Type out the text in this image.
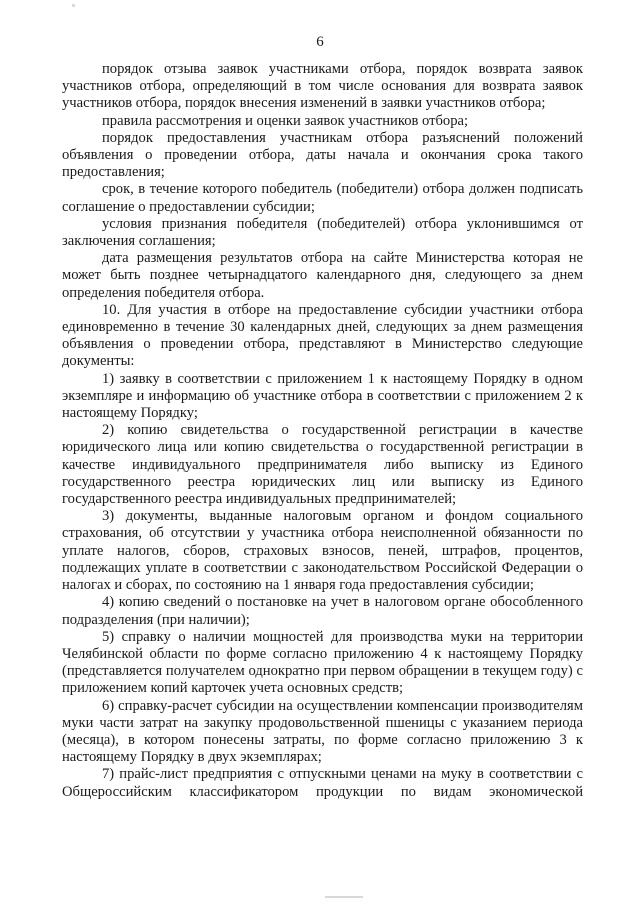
6

порядок отзыва заявок участниками отбора, порядок возврата заявок участников отбора, определяющий в том числе основания для возврата заявок участников отбора, порядок внесения изменений в заявки участников отбора;

правила рассмотрения и оценки заявок участников отбора;

порядок предоставления участникам отбора разъяснений положений объявления о проведении отбора, даты начала и окончания срока такого предоставления;

срок, в течение которого победитель (победители) отбора должен подписать соглашение о предоставлении субсидии;

условия признания победителя (победителей) отбора уклонившимся от заключения соглашения;

дата размещения результатов отбора на сайте Министерства которая не может быть позднее четырнадцатого календарного дня, следующего за днем определения победителя отбора.

10. Для участия в отборе на предоставление субсидии участники отбора единовременно в течение 30 календарных дней, следующих за днем размещения объявления о проведении отбора, представляют в Министерство следующие документы:

1) заявку в соответствии с приложением 1 к настоящему Порядку в одном экземпляре и информацию об участнике отбора в соответствии с приложением 2 к настоящему Порядку;

2) копию свидетельства о государственной регистрации в качестве юридического лица или копию свидетельства о государственной регистрации в качестве индивидуального предпринимателя либо выписку из Единого государственного реестра юридических лиц или выписку из Единого государственного реестра индивидуальных предпринимателей;

3) документы, выданные налоговым органом и фондом социального страхования, об отсутствии у участника отбора неисполненной обязанности по уплате налогов, сборов, страховых взносов, пеней, штрафов, процентов, подлежащих уплате в соответствии с законодательством Российской Федерации о налогах и сборах, по состоянию на 1 января года предоставления субсидии;

4) копию сведений о постановке на учет в налоговом органе обособленного подразделения (при наличии);

5) справку о наличии мощностей для производства муки на территории Челябинской области по форме согласно приложению 4 к настоящему Порядку (представляется получателем однократно при первом обращении в текущем году) с приложением копий карточек учета основных средств;

6) справку-расчет субсидии на осуществлении компенсации производителям муки части затрат на закупку продовольственной пшеницы с указанием периода (месяца), в котором понесены затраты, по форме согласно приложению 3 к настоящему Порядку в двух экземплярах;

7) прайс-лист предприятия с отпускными ценами на муку в соответствии с Общероссийским классификатором продукции по видам экономической
